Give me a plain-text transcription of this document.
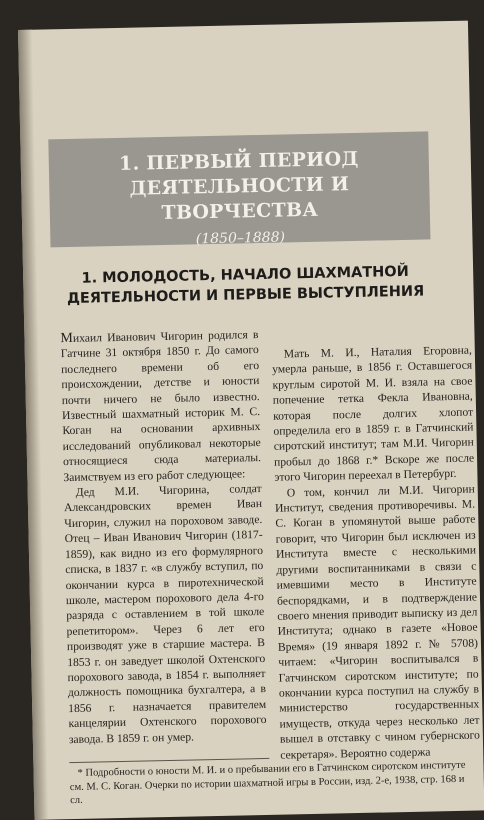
1. ПЕРВЫЙ ПЕРИОД
ДЕЯТЕЛЬНОСТИ И ТВОРЧЕСТВА
(1850–1888)
1. МОЛОДОСТЬ, НАЧАЛО ШАХМАТНОЙ
ДЕЯТЕЛЬНОСТИ И ПЕРВЫЕ ВЫСТУПЛЕНИЯ

Михаил Иванович Чигорин родился в Гатчине 31 октября 1850 г. До самого последнего времени об его происхождении, детстве и юности почти ничего не было известно. Известный шахматный историк М. С. Коган на основании архивных исследований опубликовал некоторые относящиеся сюда материалы. Заимствуем из его работ следующее:

Дед М.И. Чигорина, солдат Александровских времен Иван Чигорин, служил на пороховом заводе. Отец – Иван Иванович Чигорин (1817-1859), как видно из его формулярного списка, в 1837 г. «в службу вступил, по окончании курса в пиротехнической школе, мастером порохового дела 4-го разряда с оставлением в той школе репетитором». Через 6 лет его производят уже в старшие мастера. В 1853 г. он заведует школой Охтенского порохового завода, в 1854 г. выполняет должность помощника бухгалтера, а в 1856 г. назначается правителем канцелярии Охтенского порохового завода. В 1859 г. он умер.

Мать М. И., Наталия Егоровна, умерла раньше, в 1856 г. Оставшегося круглым сиротой М. И. взяла на свое попечение тетка Фекла Ивановна, которая после долгих хлопот определила его в 1859 г. в Гатчинский сиротский институт; там М.И. Чигорин пробыл до 1868 г.* Вскоре же после этого Чигорин переехал в Петербург.

О том, кончил ли М.И. Чигорин Институт, сведения противоречивы. М. С. Коган в упомянутой выше работе говорит, что Чигорин был исключен из Института вместе с несколькими другими воспитанниками в связи с имевшими место в Институте беспорядками, и в подтверждение своего мнения приводит выписку из дел Института; однако в газете «Новое Время» (19 января 1892 г. № 5708) читаем: «Чигорин воспитывался в Гатчинском сиротском институте; по окончании курса поступил на службу в министерство государственных имуществ, откуда через несколько лет вышел в отставку с чином губернского секретаря». Вероятно содержа

* Подробности о юности М. И. и о пребывании его в Гатчинском сиротском институте см. М. С. Коган. Очерки по истории шахматной игры в России, изд. 2-е, 1938, стр. 168 и сл.
